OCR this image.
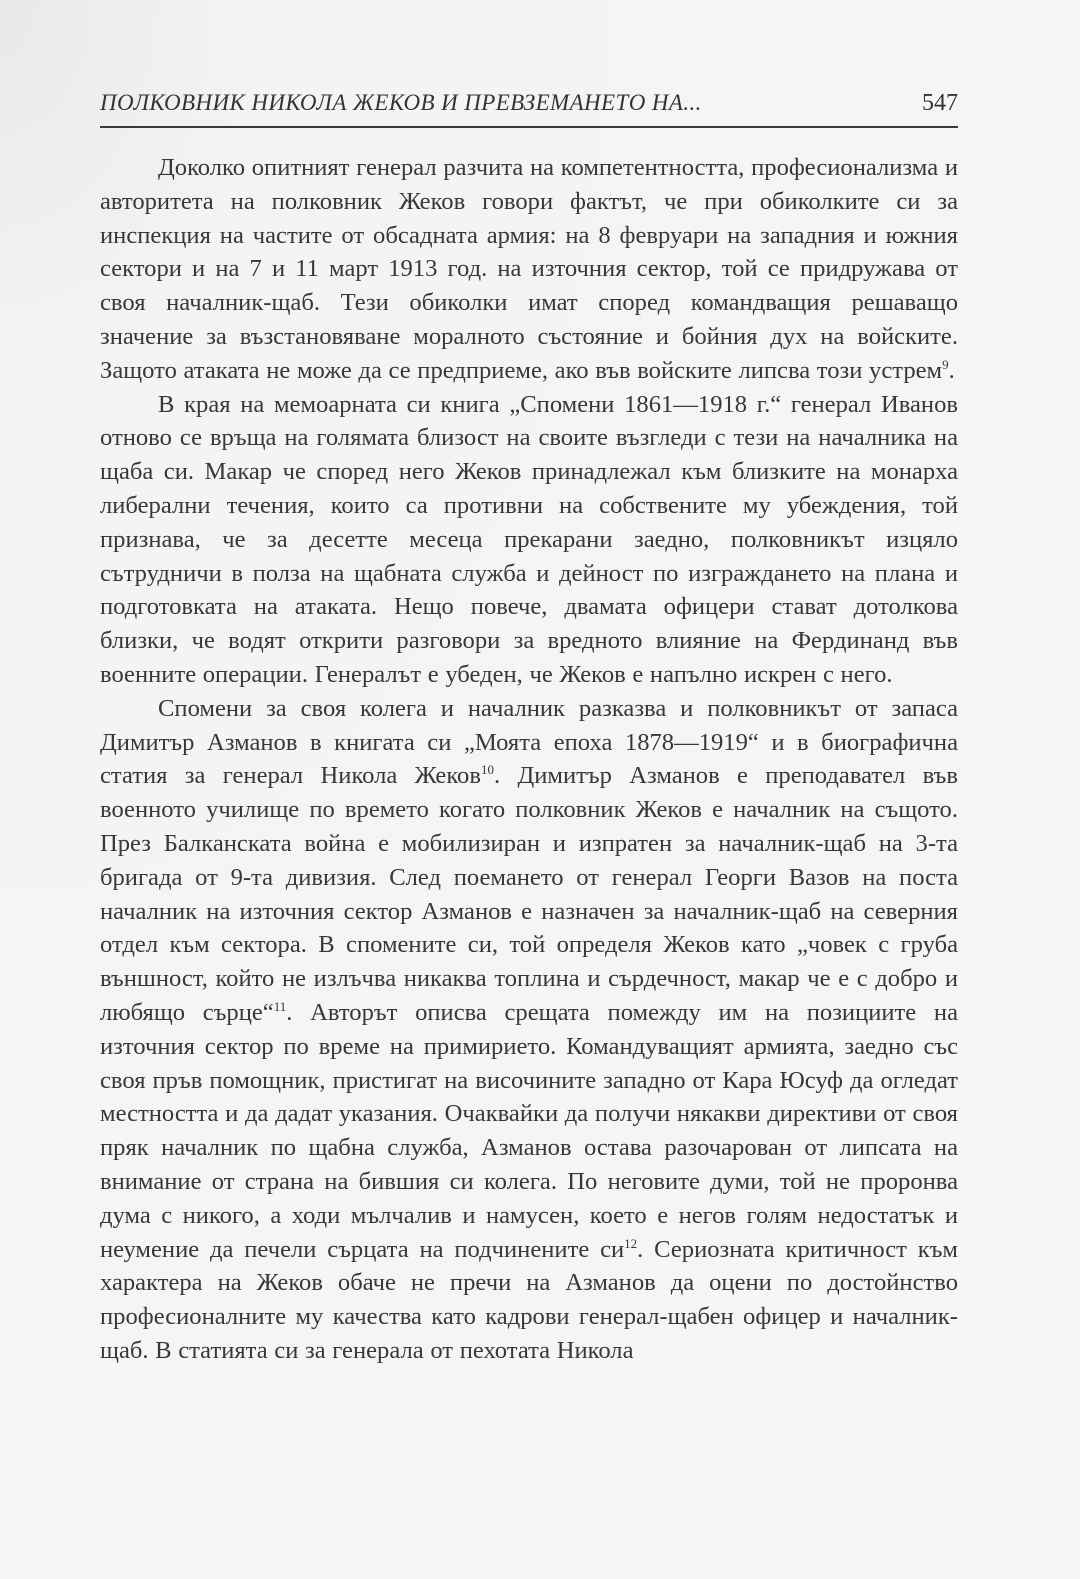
ПОЛКОВНИК НИКОЛА ЖЕКОВ И ПРЕВЗЕМАНЕТО НА...	547

Доколко опитният генерал разчита на компетентността, професионализма и авторитета на полковник Жеков говори фактът, че при обиколките си за инспекция на частите от обсадната армия: на 8 февруари на западния и южния сектори и на 7 и 11 март 1913 год. на източния сектор, той се придружава от своя началник-щаб. Тези обиколки имат според командващия решаващо значение за възстановяване моралното състояние и бойния дух на войските. Защото атаката не може да се предприеме, ако във войските липсва този устрем$^9$.

В края на мемоарната си книга „Спомени 1861—1918 г.“ генерал Иванов отново се връща на голямата близост на своите възгледи с тези на началника на щаба си. Макар че според него Жеков принадлежал към близките на монарха либерални течения, които са противни на собствените му убеждения, той признава, че за десетте месеца прекарани заедно, полковникът изцяло сътрудничи в полза на щабната служба и дейност по изграждането на плана и подготовката на атаката. Нещо повече, двамата офицери стават дотолкова близки, че водят открити разговори за вредното влияние на Фердинанд във военните операции. Генералът е убеден, че Жеков е напълно искрен с него.

Спомени за своя колега и началник разказва и полковникът от запаса Димитър Азманов в книгата си „Моята епоха 1878—1919“ и в биографична статия за генерал Никола Жеков$^{10}$. Димитър Азманов е преподавател във военното училище по времето когато полковник Жеков е началник на същото. През Балканската война е мобилизиран и изпратен за началник-щаб на 3-та бригада от 9-та дивизия. След поемането от генерал Георги Вазов на поста началник на източния сектор Азманов е назначен за началник-щаб на северния отдел към сектора. В спомените си, той определя Жеков като „човек с груба външност, който не излъчва никаква топлина и сърдечност, макар че е с добро и любящо сърце“$^{11}$. Авторът описва срещата помежду им на позициите на източния сектор по време на примирието. Командуващият армията, заедно със своя пръв помощник, пристигат на височините западно от Кара Юсуф да огледат местността и да дадат указания. Очаквайки да получи някакви директиви от своя пряк началник по щабна служба, Азманов остава разочарован от липсата на внимание от страна на бившия си колега. По неговите думи, той не проронва дума с никого, а ходи мълчалив и намусен, което е негов голям недостатък и неумение да печели сърцата на подчинените си$^{12}$. Сериозната критичност към характера на Жеков обаче не пречи на Азманов да оцени по достойнство професионалните му качества като кадрови генерал-щабен офицер и началник-щаб. В статията си за генерала от пехотата Никола
